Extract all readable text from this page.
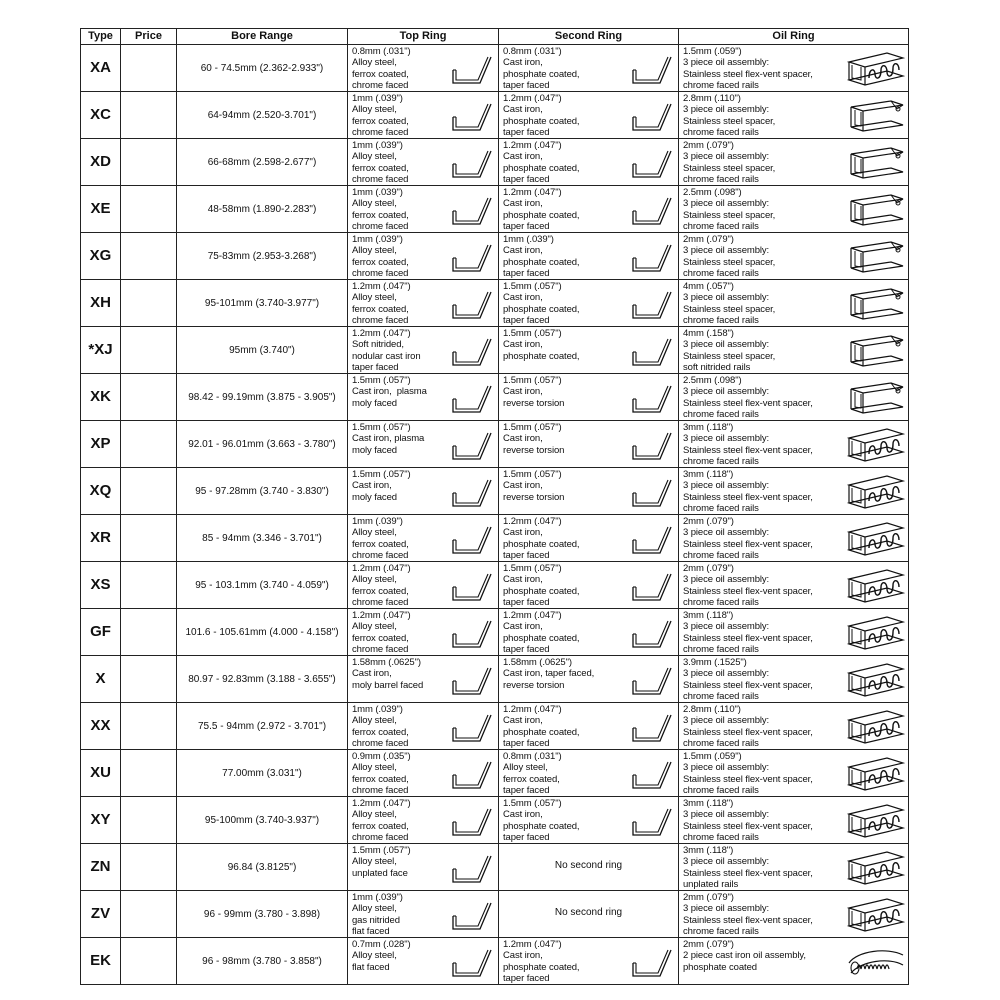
Type	Price	Bore Range	Top Ring	Second Ring	Oil Ring
XA		60 - 74.5mm (2.362-2.933")	0.8mm (.031")
Alloy steel,
ferrox coated,
chrome faced	0.8mm (.031")
Cast iron,
phosphate coated,
taper faced	1.5mm (.059")
3 piece oil assembly:
Stainless steel flex-vent spacer,
chrome faced rails

XC		64-94mm (2.520-3.701")	1mm (.039")
Alloy steel,
ferrox coated,
chrome faced	1.2mm (.047")
Cast iron,
phosphate coated,
taper faced	2.8mm (.110")
3 piece oil assembly:
Stainless steel spacer,
chrome faced rails

XD		66-68mm (2.598-2.677")	1mm (.039")
Alloy steel,
ferrox coated,
chrome faced	1.2mm (.047")
Cast iron,
phosphate coated,
taper faced	2mm (.079")
3 piece oil assembly:
Stainless steel spacer,
chrome faced rails

XE		48-58mm (1.890-2.283")	1mm (.039")
Alloy steel,
ferrox coated,
chrome faced	1.2mm (.047")
Cast iron,
phosphate coated,
taper faced	2.5mm (.098")
3 piece oil assembly:
Stainless steel spacer,
chrome faced rails

XG		75-83mm (2.953-3.268")	1mm (.039")
Alloy steel,
ferrox coated,
chrome faced	1mm (.039")
Cast iron,
phosphate coated,
taper faced	2mm (.079")
3 piece oil assembly:
Stainless steel spacer,
chrome faced rails

XH		95-101mm (3.740-3.977")	1.2mm (.047")
Alloy steel,
ferrox coated,
chrome faced	1.5mm (.057")
Cast iron,
phosphate coated,
taper faced	4mm (.057")
3 piece oil assembly:
Stainless steel spacer,
chrome faced rails

*XJ		95mm (3.740")	1.2mm (.047")
Soft nitrided,
nodular cast iron
taper faced	1.5mm (.057")
Cast iron,
phosphate coated,	4mm (.158")
3 piece oil assembly:
Stainless steel spacer,
soft nitrided rails

XK		98.42 - 99.19mm (3.875 - 3.905")	1.5mm (.057")
Cast iron,  plasma
moly faced	1.5mm (.057")
Cast iron,
reverse torsion	2.5mm (.098")
3 piece oil assembly:
Stainless steel flex-vent spacer,
chrome faced rails

XP		92.01 - 96.01mm (3.663 - 3.780")	1.5mm (.057")
Cast iron, plasma
moly faced	1.5mm (.057")
Cast iron,
reverse torsion	3mm (.118")
3 piece oil assembly:
Stainless steel flex-vent spacer,
chrome faced rails

XQ		95 - 97.28mm (3.740 - 3.830")	1.5mm (.057")
Cast iron,
moly faced	1.5mm (.057")
Cast iron,
reverse torsion	3mm (.118")
3 piece oil assembly:
Stainless steel flex-vent spacer,
chrome faced rails

XR		85 - 94mm (3.346 - 3.701")	1mm (.039")
Alloy steel,
ferrox coated,
chrome faced	1.2mm (.047")
Cast iron,
phosphate coated,
taper faced	2mm (.079")
3 piece oil assembly:
Stainless steel flex-vent spacer,
chrome faced rails

XS		95 - 103.1mm (3.740 - 4.059")	1.2mm (.047")
Alloy steel,
ferrox coated,
chrome faced	1.5mm (.057")
Cast iron,
phosphate coated,
taper faced	2mm (.079")
3 piece oil assembly:
Stainless steel flex-vent spacer,
chrome faced rails

GF		101.6 - 105.61mm (4.000 - 4.158")	1.2mm (.047")
Alloy steel,
ferrox coated,
chrome faced	1.2mm (.047")
Cast iron,
phosphate coated,
taper faced	3mm (.118")
3 piece oil assembly:
Stainless steel flex-vent spacer,
chrome faced rails

X		80.97 - 92.83mm (3.188 - 3.655")	1.58mm (.0625")
Cast iron,
moly barrel faced	1.58mm (.0625")
Cast iron, taper faced,
reverse torsion	3.9mm (.1525")
3 piece oil assembly:
Stainless steel flex-vent spacer,
chrome faced rails

XX		75.5 - 94mm (2.972 - 3.701")	1mm (.039")
Alloy steel,
ferrox coated,
chrome faced	1.2mm (.047")
Cast iron,
phosphate coated,
taper faced	2.8mm (.110")
3 piece oil assembly:
Stainless steel flex-vent spacer,
chrome faced rails

XU		77.00mm (3.031")	0.9mm (.035")
Alloy steel,
ferrox coated,
chrome faced	0.8mm (.031")
Alloy steel,
ferrox coated,
taper faced	1.5mm (.059")
3 piece oil assembly:
Stainless steel flex-vent spacer,
chrome faced rails

XY		95-100mm (3.740-3.937")	1.2mm (.047")
Alloy steel,
ferrox coated,
chrome faced	1.5mm (.057")
Cast iron,
phosphate coated,
taper faced	3mm (.118")
3 piece oil assembly:
Stainless steel flex-vent spacer,
chrome faced rails

ZN		96.84 (3.8125")	1.5mm (.057")
Alloy steel,
unplated face	No second ring	3mm (.118")
3 piece oil assembly:
Stainless steel flex-vent spacer,
unplated rails

ZV		96 - 99mm (3.780 - 3.898)	1mm (.039")
Alloy steel,
gas nitrided
flat faced	No second ring	2mm (.079")
3 piece oil assembly:
Stainless steel flex-vent spacer,
chrome faced rails

EK		96 - 98mm (3.780 - 3.858")	0.7mm (.028")
Alloy steel,
flat faced	1.2mm (.047")
Cast iron,
phosphate coated,
taper faced	2mm (.079")
2 piece cast iron oil assembly,
phosphate coated
